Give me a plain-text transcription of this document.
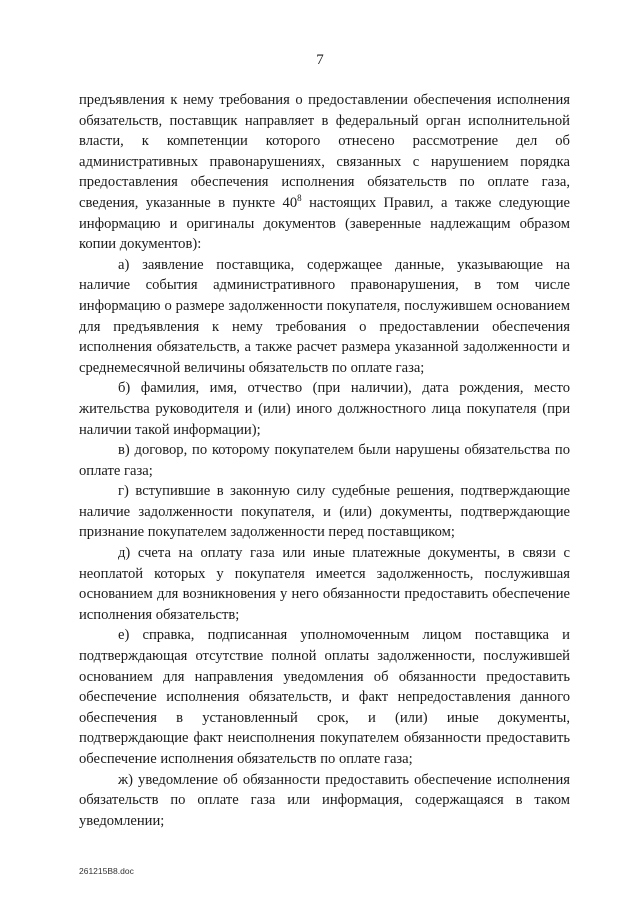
7

предъявления к нему требования о предоставлении обеспечения исполнения обязательств, поставщик направляет в федеральный орган исполнительной власти, к компетенции которого отнесено рассмотрение дел об административных правонарушениях, связанных с нарушением порядка предоставления обеспечения исполнения обязательств по оплате газа, сведения, указанные в пункте $40^8$ настоящих Правил, а также следующие информацию и оригиналы документов (заверенные надлежащим образом копии документов):

а) заявление поставщика, содержащее данные, указывающие на наличие события административного правонарушения, в том числе информацию о размере задолженности покупателя, послужившем основанием для предъявления к нему требования о предоставлении обеспечения исполнения обязательств, а также расчет размера указанной задолженности и среднемесячной величины обязательств по оплате газа;

б) фамилия, имя, отчество (при наличии), дата рождения, место жительства руководителя и (или) иного должностного лица покупателя (при наличии такой информации);

в) договор, по которому покупателем были нарушены обязательства по оплате газа;

г) вступившие в законную силу судебные решения, подтверждающие наличие задолженности покупателя, и (или) документы, подтверждающие признание покупателем задолженности перед поставщиком;

д) счета на оплату газа или иные платежные документы, в связи с неоплатой которых у покупателя имеется задолженность, послужившая основанием для возникновения у него обязанности предоставить обеспечение исполнения обязательств;

е) справка, подписанная уполномоченным лицом поставщика и подтверждающая отсутствие полной оплаты задолженности, послужившей основанием для направления уведомления об обязанности предоставить обеспечение исполнения обязательств, и факт непредоставления данного обеспечения в установленный срок, и (или) иные документы, подтверждающие факт неисполнения покупателем обязанности предоставить обеспечение исполнения обязательств по оплате газа;

ж) уведомление об обязанности предоставить обеспечение исполнения обязательств по оплате газа или информация, содержащаяся в таком уведомлении;

261215B8.doc
